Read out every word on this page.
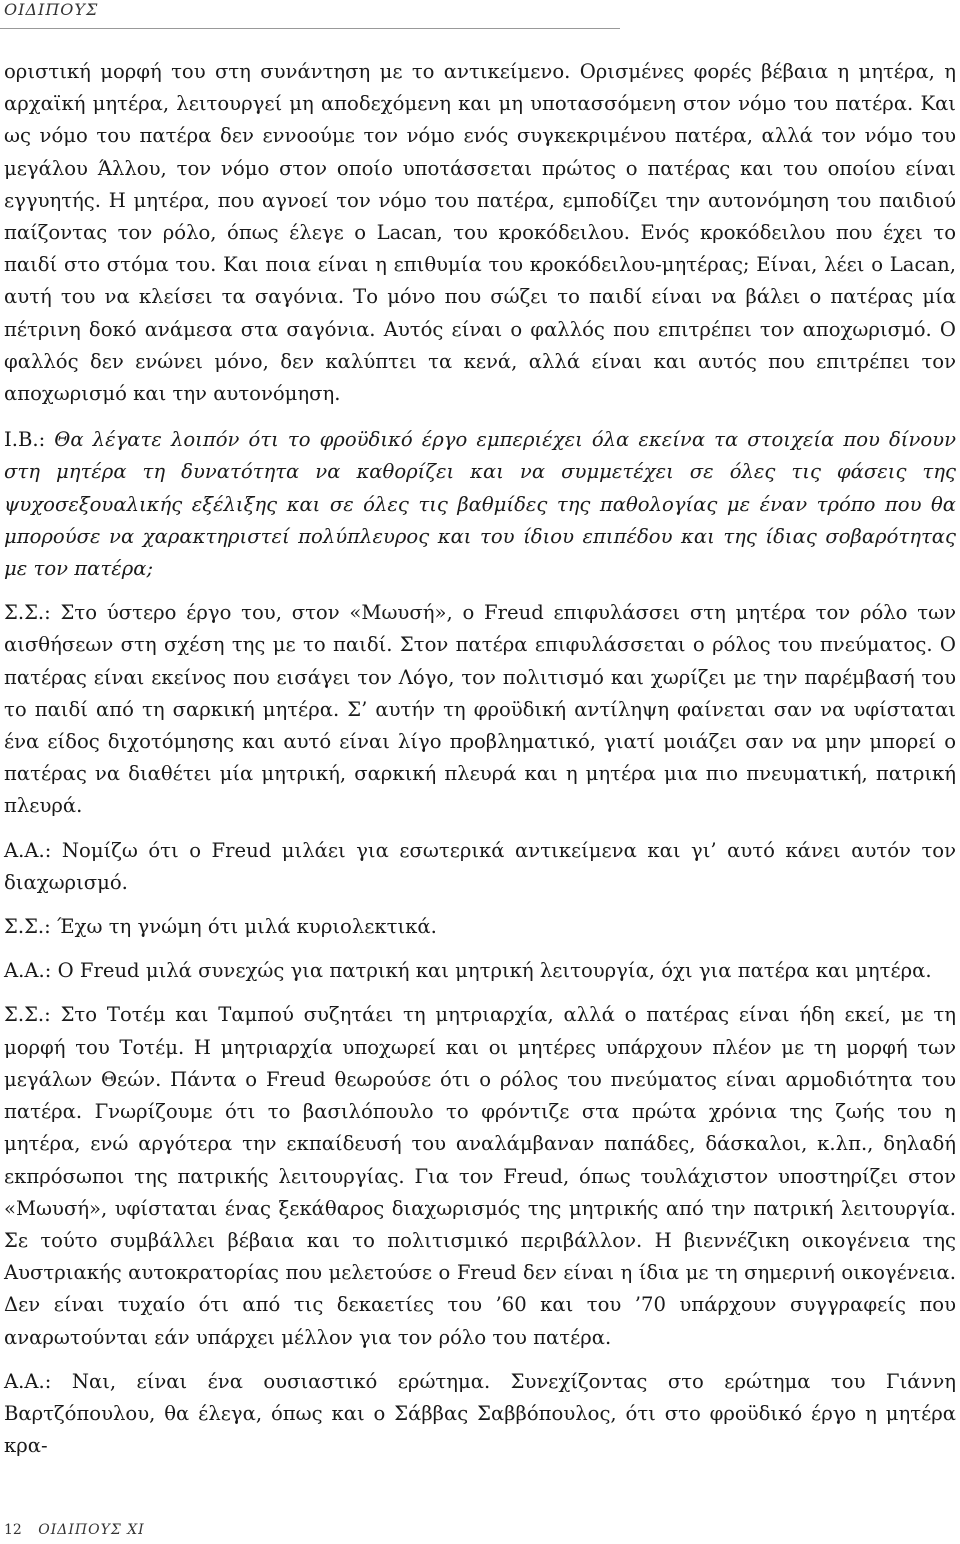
ΟΙΔΙΠΟΥΣ

οριστική μορφή του στη συνάντηση με το αντικείμενο. Ορισμένες φορές βέβαια η μητέρα, η αρχαϊκή μητέρα, λειτουργεί μη αποδεχόμενη και μη υποτασσόμενη στον νόμο του πατέρα. Και ως νόμο του πατέρα δεν εννοούμε τον νόμο ενός συγκεκριμένου πατέρα, αλλά τον νόμο του μεγάλου Άλλου, τον νόμο στον οποίο υποτάσσεται πρώτος ο πατέρας και του οποίου είναι εγγυητής. Η μητέρα, που αγνοεί τον νόμο του πατέρα, εμποδίζει την αυτονόμηση του παιδιού παίζοντας τον ρόλο, όπως έλεγε ο Lacan, του κροκόδειλου. Ενός κροκόδειλου που έχει το παιδί στο στόμα του. Και ποια είναι η επιθυμία του κροκόδειλου-μητέρας; Είναι, λέει ο Lacan, αυτή του να κλείσει τα σαγόνια. Το μόνο που σώζει το παιδί είναι να βάλει ο πατέρας μία πέτρινη δοκό ανάμεσα στα σαγόνια. Αυτός είναι ο φαλλός που επιτρέπει τον αποχωρισμό. Ο φαλλός δεν ενώνει μόνο, δεν καλύπτει τα κενά, αλλά είναι και αυτός που επιτρέπει τον αποχωρισμό και την αυτονόμηση.

Ι.Β.: Θα λέγατε λοιπόν ότι το φροϋδικό έργο εμπεριέχει όλα εκείνα τα στοιχεία που δίνουν στη μητέρα τη δυνατότητα να καθορίζει και να συμμετέχει σε όλες τις φάσεις της ψυχοσεξουαλικής εξέλιξης και σε όλες τις βαθμίδες της παθολογίας με έναν τρόπο που θα μπορούσε να χαρακτηριστεί πολύπλευρος και του ίδιου επιπέδου και της ίδιας σοβαρότητας με τον πατέρα;

Σ.Σ.: Στο ύστερο έργο του, στον «Μωυσή», ο Freud επιφυλάσσει στη μητέρα τον ρόλο των αισθήσεων στη σχέση της με το παιδί. Στον πατέρα επιφυλάσσεται ο ρόλος του πνεύματος. Ο πατέρας είναι εκείνος που εισάγει τον Λόγο, τον πολιτισμό και χωρίζει με την παρέμβασή του το παιδί από τη σαρκική μητέρα. Σ’ αυτήν τη φροϋδική αντίληψη φαίνεται σαν να υφίσταται ένα είδος διχοτόμησης και αυτό είναι λίγο προβληματικό, γιατί μοιάζει σαν να μην μπορεί ο πατέρας να διαθέτει μία μητρική, σαρκική πλευρά και η μητέρα μια πιο πνευματική, πατρική πλευρά.

Α.Α.: Νομίζω ότι ο Freud μιλάει για εσωτερικά αντικείμενα και γι’ αυτό κάνει αυτόν τον διαχωρισμό.

Σ.Σ.: Έχω τη γνώμη ότι μιλά κυριολεκτικά.

Α.Α.: Ο Freud μιλά συνεχώς για πατρική και μητρική λειτουργία, όχι για πατέρα και μητέρα.

Σ.Σ.: Στο Τοτέμ και Ταμπού συζητάει τη μητριαρχία, αλλά ο πατέρας είναι ήδη εκεί, με τη μορφή του Τοτέμ. Η μητριαρχία υποχωρεί και οι μητέρες υπάρχουν πλέον με τη μορφή των μεγάλων Θεών. Πάντα ο Freud θεωρούσε ότι ο ρόλος του πνεύματος είναι αρμοδιότητα του πατέρα. Γνωρίζουμε ότι το βασιλόπουλο το φρόντιζε στα πρώτα χρόνια της ζωής του η μητέρα, ενώ αργότερα την εκπαίδευσή του αναλάμβαναν παπάδες, δάσκαλοι, κ.λπ., δηλαδή εκπρόσωποι της πατρικής λειτουργίας. Για τον Freud, όπως τουλάχιστον υποστηρίζει στον «Μωυσή», υφίσταται ένας ξεκάθαρος διαχωρισμός της μητρικής από την πατρική λειτουργία. Σε τούτο συμβάλλει βέβαια και το πολιτισμικό περιβάλλον. Η βιεννέζικη οικογένεια της Αυστριακής αυτοκρατορίας που μελετούσε ο Freud δεν είναι η ίδια με τη σημερινή οικογένεια. Δεν είναι τυχαίο ότι από τις δεκαετίες του ’60 και του ’70 υπάρχουν συγγραφείς που αναρωτούνται εάν υπάρχει μέλλον για τον ρόλο του πατέρα.

Α.Α.: Ναι, είναι ένα ουσιαστικό ερώτημα. Συνεχίζοντας στο ερώτημα του Γιάννη Βαρτζόπουλου, θα έλεγα, όπως και ο Σάββας Σαββόπουλος, ότι στο φροϋδικό έργο η μητέρα κρα-

12 ΟΙΔΙΠΟΥΣ ΧΙ
